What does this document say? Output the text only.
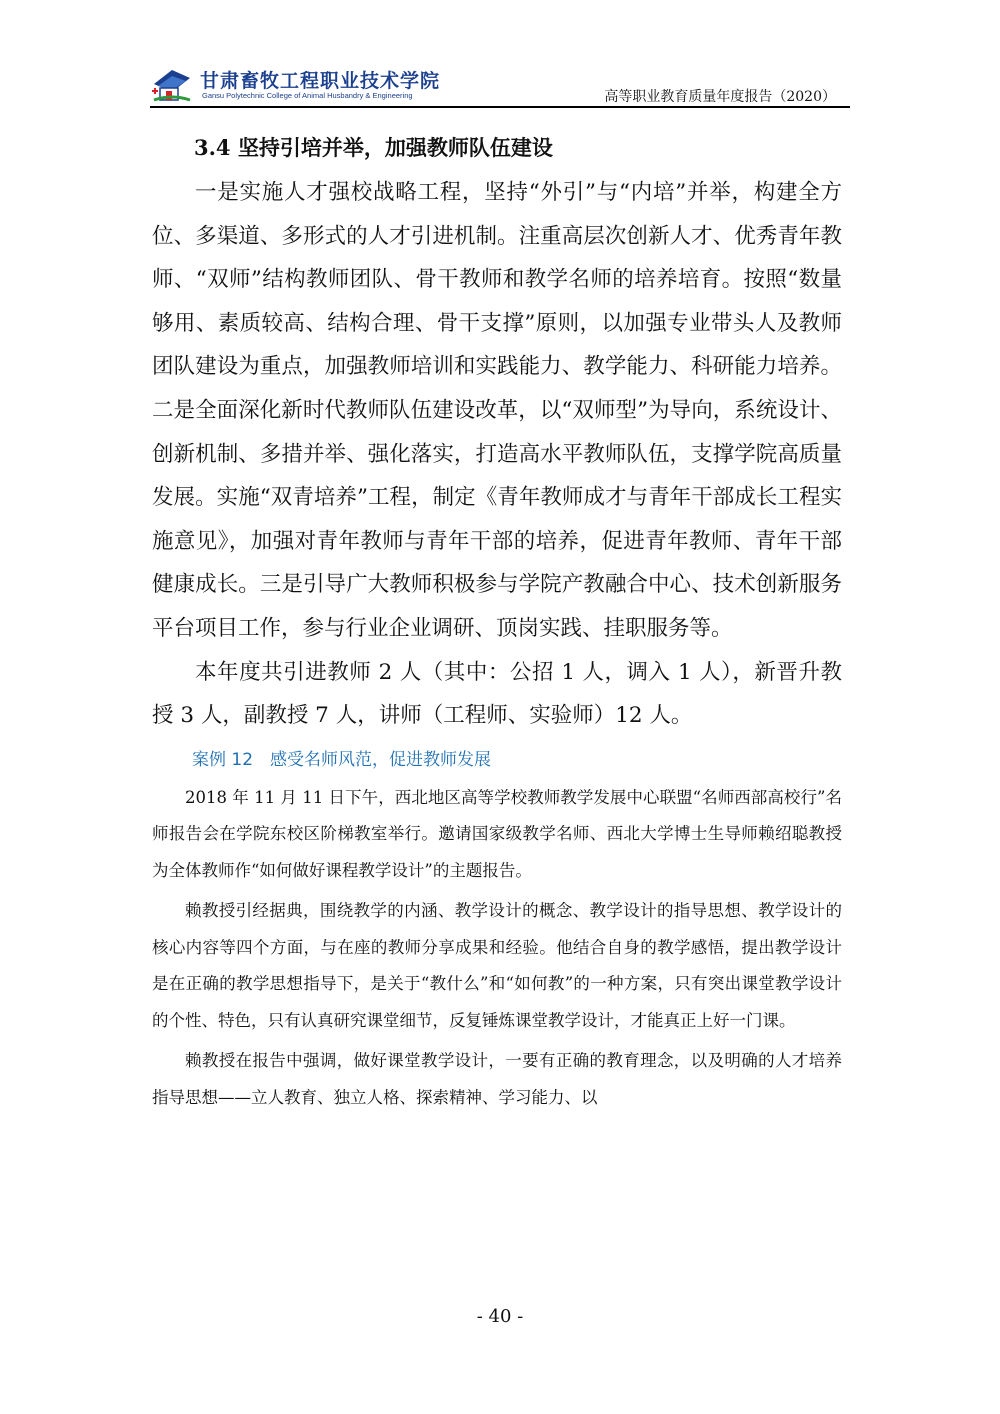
甘肃畜牧工程职业技术学院
Gansu Polytechnic College of Animal Husbandry & Engineering	高等职业教育质量年度报告（2020）
3.4 坚持引培并举，加强教师队伍建设

一是实施人才强校战略工程，坚持“外引”与“内培”并举，构建全方位、多渠道、多形式的人才引进机制。注重高层次创新人才、优秀青年教师、“双师”结构教师团队、骨干教师和教学名师的培养培育。按照“数量够用、素质较高、结构合理、骨干支撑”原则，以加强专业带头人及教师团队建设为重点，加强教师培训和实践能力、教学能力、科研能力培养。二是全面深化新时代教师队伍建设改革，以“双师型”为导向，系统设计、创新机制、多措并举、强化落实，打造高水平教师队伍，支撑学院高质量发展。实施“双青培养”工程，制定《青年教师成才与青年干部成长工程实施意见》，加强对青年教师与青年干部的培养，促进青年教师、青年干部健康成长。三是引导广大教师积极参与学院产教融合中心、技术创新服务平台项目工作，参与行业企业调研、顶岗实践、挂职服务等。

本年度共引进教师 2 人（其中：公招 1 人，调入 1 人），新晋升教授 3 人，副教授 7 人，讲师（工程师、实验师）12 人。

案例 12　感受名师风范，促进教师发展

2018 年 11 月 11 日下午，西北地区高等学校教师教学发展中心联盟“名师西部高校行”名师报告会在学院东校区阶梯教室举行。邀请国家级教学名师、西北大学博士生导师赖绍聪教授为全体教师作“如何做好课程教学设计”的主题报告。

赖教授引经据典，围绕教学的内涵、教学设计的概念、教学设计的指导思想、教学设计的核心内容等四个方面，与在座的教师分享成果和经验。他结合自身的教学感悟，提出教学设计是在正确的教学思想指导下，是关于“教什么”和“如何教”的一种方案，只有突出课堂教学设计的个性、特色，只有认真研究课堂细节，反复锤炼课堂教学设计，才能真正上好一门课。

赖教授在报告中强调，做好课堂教学设计，一要有正确的教育理念，以及明确的人才培养指导思想——立人教育、独立人格、探索精神、学习能力、以

- 40 -
